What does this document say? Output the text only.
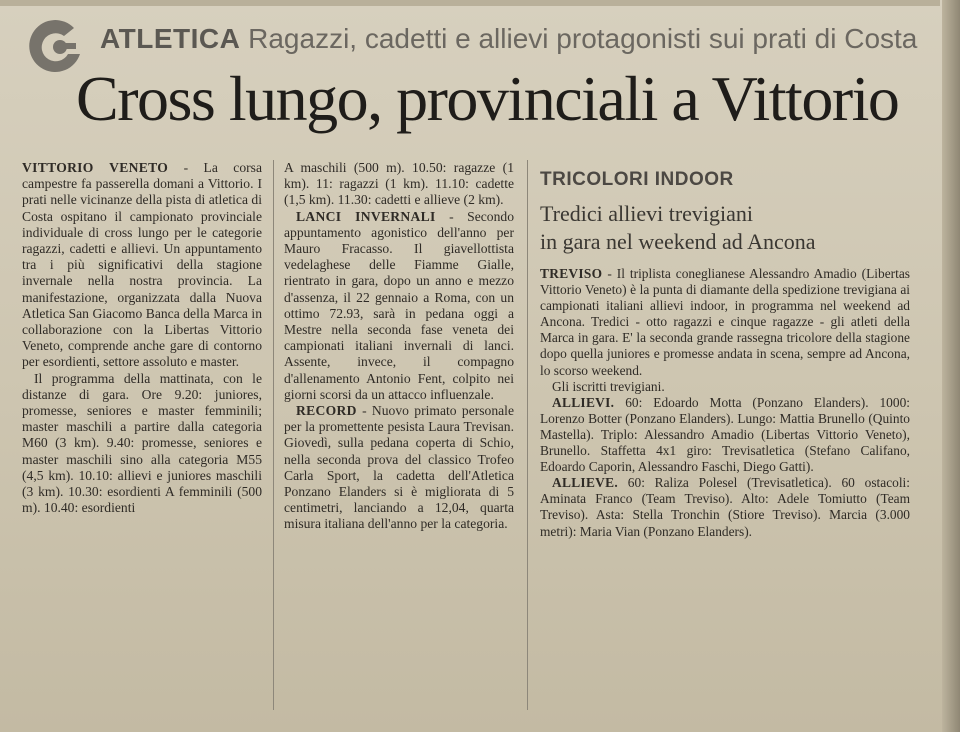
ATLETICA Ragazzi, cadetti e allievi protagonisti sui prati di Costa
Cross lungo, provinciali a Vittorio

VITTORIO VENETO - La corsa campestre fa passerella domani a Vittorio. I prati nelle vicinanze della pista di atletica di Costa ospitano il campionato provinciale individuale di cross lungo per le categorie ragazzi, cadetti e allievi. Un appuntamento tra i più significativi della stagione invernale nella nostra provincia. La manifestazione, organizzata dalla Nuova Atletica San Giacomo Banca della Marca in collaborazione con la Libertas Vittorio Veneto, comprende anche gare di contorno per esordienti, settore assoluto e master.

Il programma della mattinata, con le distanze di gara. Ore 9.20: juniores, promesse, seniores e master femminili; master maschili a partire dalla categoria M60 (3 km). 9.40: promesse, seniores e master maschili sino alla categoria M55 (4,5 km). 10.10: allievi e juniores maschili (3 km). 10.30: esordienti A femminili (500 m). 10.40: esordienti

A maschili (500 m). 10.50: ragazze (1 km). 11: ragazzi (1 km). 11.10: cadette (1,5 km). 11.30: cadetti e allieve (2 km).

LANCI INVERNALI - Secondo appuntamento agonistico dell'anno per Mauro Fracasso. Il giavellottista vedelaghese delle Fiamme Gialle, rientrato in gara, dopo un anno e mezzo d'assenza, il 22 gennaio a Roma, con un ottimo 72.93, sarà in pedana oggi a Mestre nella seconda fase veneta dei campionati italiani invernali di lanci. Assente, invece, il compagno d'allenamento Antonio Fent, colpito nei giorni scorsi da un attacco influenzale.

RECORD - Nuovo primato personale per la promettente pesista Laura Trevisan. Giovedì, sulla pedana coperta di Schio, nella seconda prova del classico Trofeo Carla Sport, la cadetta dell'Atletica Ponzano Elanders si è migliorata di 5 centimetri, lanciando a 12,04, quarta misura italiana dell'anno per la categoria.

TRICOLORI INDOOR
Tredici allievi trevigiani
in gara nel weekend ad Ancona

TREVISO - Il triplista coneglianese Alessandro Amadio (Libertas Vittorio Veneto) è la punta di diamante della spedizione trevigiana ai campionati italiani allievi indoor, in programma nel weekend ad Ancona. Tredici - otto ragazzi e cinque ragazze - gli atleti della Marca in gara. E' la seconda grande rassegna tricolore della stagione dopo quella juniores e promesse andata in scena, sempre ad Ancona, lo scorso weekend.

Gli iscritti trevigiani.

ALLIEVI. 60: Edoardo Motta (Ponzano Elanders). 1000: Lorenzo Botter (Ponzano Elanders). Lungo: Mattia Brunello (Quinto Mastella). Triplo: Alessandro Amadio (Libertas Vittorio Veneto), Brunello. Staffetta 4x1 giro: Trevisatletica (Stefano Califano, Edoardo Caporin, Alessandro Faschi, Diego Gatti).

ALLIEVE. 60: Raliza Polesel (Trevisatletica). 60 ostacoli: Aminata Franco (Team Treviso). Alto: Adele Tomiutto (Team Treviso). Asta: Stella Tronchin (Stiore Treviso). Marcia (3.000 metri): Maria Vian (Ponzano Elanders).
